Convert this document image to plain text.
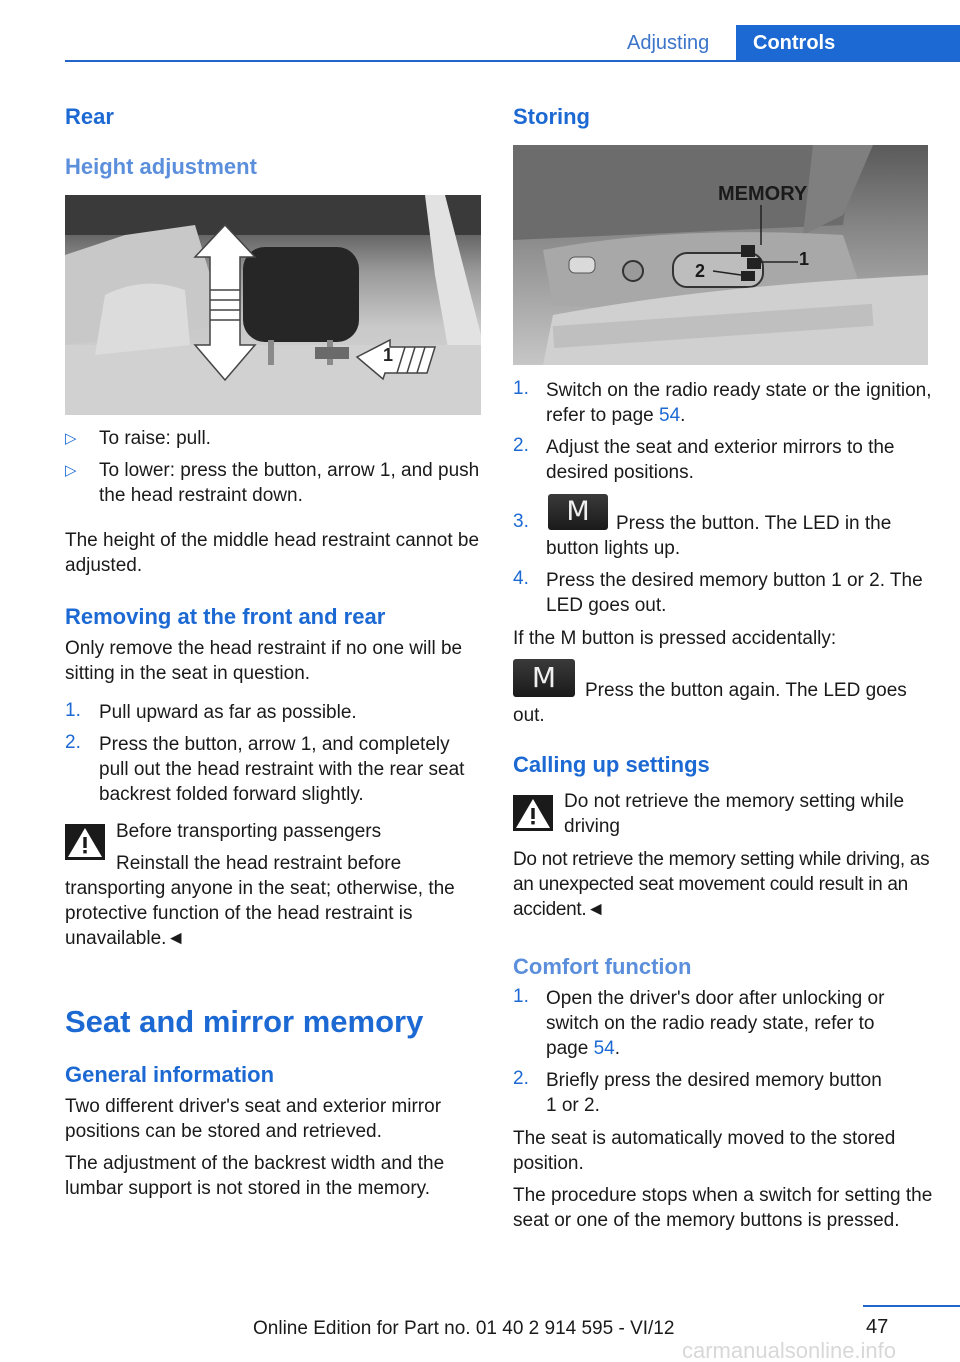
Adjusting	Controls
Rear
Height adjustment
1
▷ To raise: pull.
▷ To lower: press the button, arrow 1, and push the head restraint down.

The height of the middle head restraint cannot be adjusted.

Removing at the front and rear

Only remove the head restraint if no one will be sitting in the seat in question.

1. Pull upward as far as possible.
2. Press the button, arrow 1, and completely pull out the head restraint with the rear seat backrest folded forward slightly.

Before transporting passengers

Reinstall the head restraint before transporting anyone in the seat; otherwise, the protective function of the head restraint is unavailable.◄

Seat and mirror memory
General information

Two different driver's seat and exterior mirror positions can be stored and retrieved.

The adjustment of the backrest width and the lumbar support is not stored in the memory.

Storing
MEMORY
1
2
1. Switch on the radio ready state or the ignition, refer to page 54.

2. Adjust the seat and exterior mirrors to the desired positions.

3.	M	Press the button. The LED in the button lights up.

4. Press the desired memory button 1 or 2. The LED goes out.

If the M button is pressed accidentally:

M	Press the button again. The LED goes out.

Calling up settings

Do not retrieve the memory setting while driving

Do not retrieve the memory setting while driving, as an unexpected seat movement could result in an accident.◄

Comfort function
1. Open the driver's door after unlocking or switch on the radio ready state, refer to page 54.

2. Briefly press the desired memory button 1 or 2.

The seat is automatically moved to the stored position.

The procedure stops when a switch for setting the seat or one of the memory buttons is pressed.

47
Online Edition for Part no. 01 40 2 914 595 - VI/12
carmanualsonline.info
